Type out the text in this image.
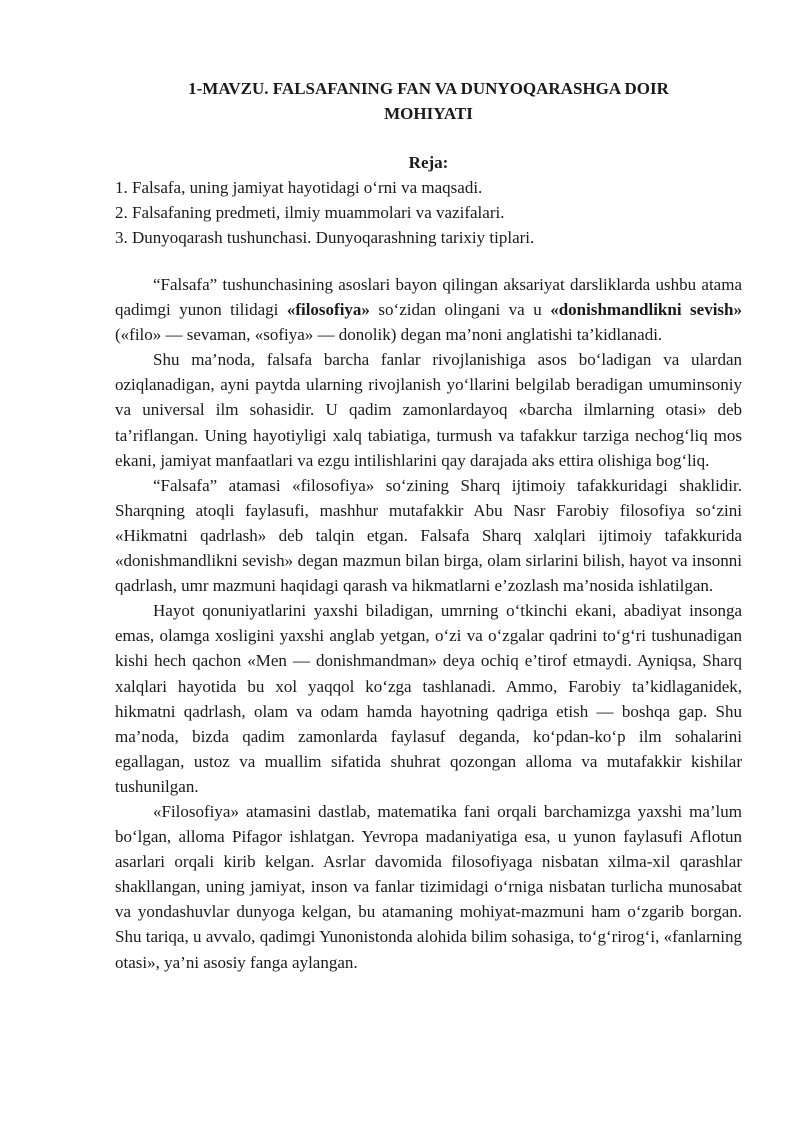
1-MAVZU. FALSAFANING FAN VA DUNYOQARASHGA DOIR
MOHIYATI
Reja:
1. Falsafa, uning jamiyat hayotidagi o‘rni va maqsadi.
2. Falsafaning predmeti, ilmiy muammolari va vazifalari.
3. Dunyoqarash tushunchasi. Dunyoqarashning tarixiy tiplari.

“Falsafa” tushunchasining asoslari bayon qilingan aksariyat darsliklarda ushbu atama qadimgi yunon tilidagi «filosofiya» so‘zidan olingani va u «donishmandlikni sevish» («filo» — sevaman, «sofiya» — donolik) degan ma’noni anglatishi ta’kidlanadi.

Shu ma’noda, falsafa barcha fanlar rivojlanishiga asos bo‘ladigan va ulardan oziqlanadigan, ayni paytda ularning rivojlanish yo‘llarini belgilab beradigan umuminsoniy va universal ilm sohasidir. U qadim zamonlardayoq «barcha ilmlarning otasi» deb ta’riflangan. Uning hayotiyligi xalq tabiatiga, turmush va tafakkur tarziga nechog‘liq mos ekani, jamiyat manfaatlari va ezgu intilishlarini qay darajada aks ettira olishiga bog‘liq.

“Falsafa” atamasi «filosofiya» so‘zining Sharq ijtimoiy tafakkuridagi shaklidir. Sharqning atoqli faylasufi, mashhur mutafakkir Abu Nasr Farobiy filosofiya so‘zini «Hikmatni qadrlash» deb talqin etgan. Falsafa Sharq xalqlari ijtimoiy tafakkurida «donishmandlikni sevish» degan mazmun bilan birga, olam sirlarini bilish, hayot va insonni qadrlash, umr mazmuni haqidagi qarash va hikmatlarni e’zozlash ma’nosida ishlatilgan.

Hayot qonuniyatlarini yaxshi biladigan, umrning o‘tkinchi ekani, abadiyat insonga emas, olamga xosligini yaxshi anglab yetgan, o‘zi va o‘zgalar qadrini to‘g‘ri tushunadigan kishi hech qachon «Men — donishmandman» deya ochiq e’tirof etmaydi. Ayniqsa, Sharq xalqlari hayotida bu xol yaqqol ko‘zga tashlanadi. Ammo, Farobiy ta’kidlaganidek, hikmatni qadrlash, olam va odam hamda hayotning qadriga etish — boshqa gap. Shu ma’noda, bizda qadim zamonlarda faylasuf deganda, ko‘pdan-ko‘p ilm sohalarini egallagan, ustoz va muallim sifatida shuhrat qozongan alloma va mutafakkir kishilar tushunilgan.

«Filosofiya» atamasini dastlab, matematika fani orqali barchamizga yaxshi ma’lum bo‘lgan, alloma Pifagor ishlatgan. Yevropa madaniyatiga esa, u yunon faylasufi Aflotun asarlari orqali kirib kelgan. Asrlar davomida filosofiyaga nisbatan xilma-xil qarashlar shakllangan, uning jamiyat, inson va fanlar tizimidagi o‘rniga nisbatan turlicha munosabat va yondashuvlar dunyoga kelgan, bu atamaning mohiyat-mazmuni ham o‘zgarib borgan. Shu tariqa, u avvalo, qadimgi Yunonistonda alohida bilim sohasiga, to‘g‘rirog‘i, «fanlarning otasi», ya’ni asosiy fanga aylangan.
